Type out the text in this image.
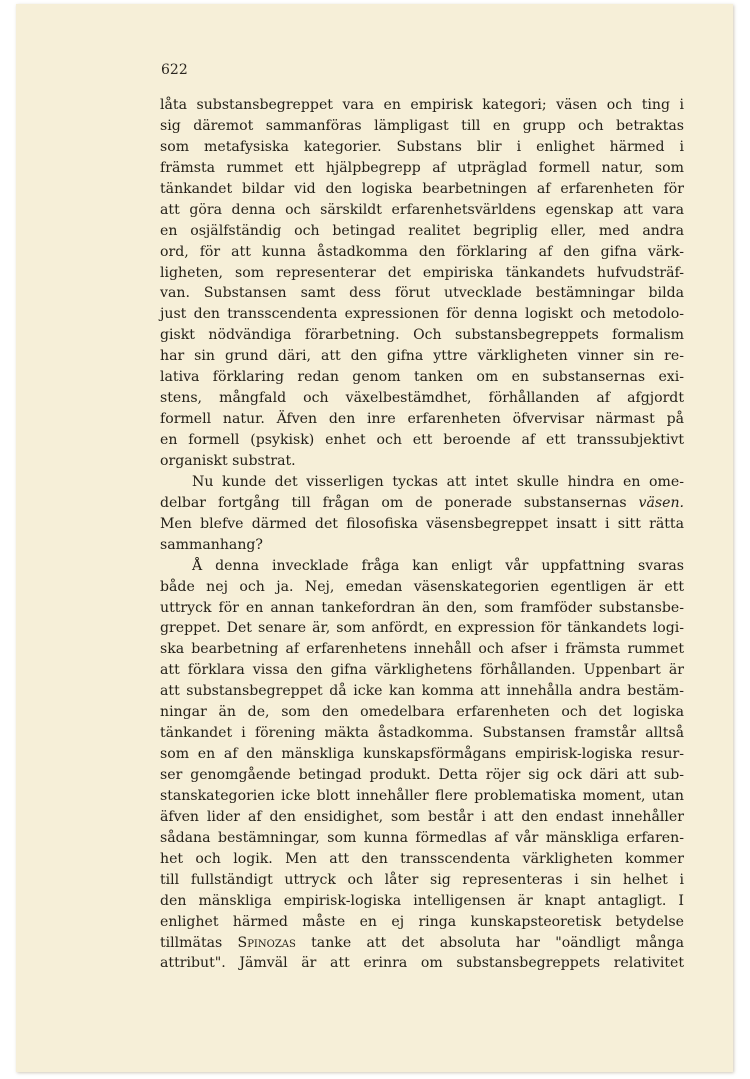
622

låta substansbegreppet vara en empirisk kategori; väsen och ting i
sig däremot sammanföras lämpligast till en grupp och betraktas
som metafysiska kategorier. Substans blir i enlighet härmed i
främsta rummet ett hjälpbegrepp af utpräglad formell natur, som
tänkandet bildar vid den logiska bearbetningen af erfarenheten för
att göra denna och särskildt erfarenhetsvärldens egenskap att vara
en osjälfständig och betingad realitet begriplig eller, med andra
ord, för att kunna åstadkomma den förklaring af den gifna värk-
ligheten, som representerar det empiriska tänkandets hufvudsträf-
van. Substansen samt dess förut utvecklade bestämningar bilda
just den transscendenta expressionen för denna logiskt och metodolo-
giskt nödvändiga förarbetning. Och substansbegreppets formalism
har sin grund däri, att den gifna yttre värkligheten vinner sin re-
lativa förklaring redan genom tanken om en substansernas exi-
stens, mångfald och växelbestämdhet, förhållanden af afgjordt
formell natur. Äfven den inre erfarenheten öfvervisar närmast på
en formell (psykisk) enhet och ett beroende af ett transsubjektivt
organiskt substrat.

Nu kunde det visserligen tyckas att intet skulle hindra en ome-
delbar fortgång till frågan om de ponerade substansernas väsen.
Men blefve därmed det filosofiska väsensbegreppet insatt i sitt rätta
sammanhang?

Å denna invecklade fråga kan enligt vår uppfattning svaras
både nej och ja. Nej, emedan väsenskategorien egentligen är ett
uttryck för en annan tankefordran än den, som framföder substansbe-
greppet. Det senare är, som anfördt, en expression för tänkandets logi-
ska bearbetning af erfarenhetens innehåll och afser i främsta rummet
att förklara vissa den gifna värklighetens förhållanden. Uppenbart är
att substansbegreppet då icke kan komma att innehålla andra bestäm-
ningar än de, som den omedelbara erfarenheten och det logiska
tänkandet i förening mäkta åstadkomma. Substansen framstår alltså
som en af den mänskliga kunskapsförmågans empirisk-logiska resur-
ser genomgående betingad produkt. Detta röjer sig ock däri att sub-
stanskategorien icke blott innehåller flere problematiska moment, utan
äfven lider af den ensidighet, som består i att den endast innehåller
sådana bestämningar, som kunna förmedlas af vår mänskliga erfaren-
het och logik. Men att den transscendenta värkligheten kommer
till fullständigt uttryck och låter sig representeras i sin helhet i
den mänskliga empirisk-logiska intelligensen är knapt antagligt. I
enlighet härmed måste en ej ringa kunskapsteoretisk betydelse
tillmätas Spinozas tanke att det absoluta har "oändligt många
attribut". Jämväl är att erinra om substansbegreppets relativitet
